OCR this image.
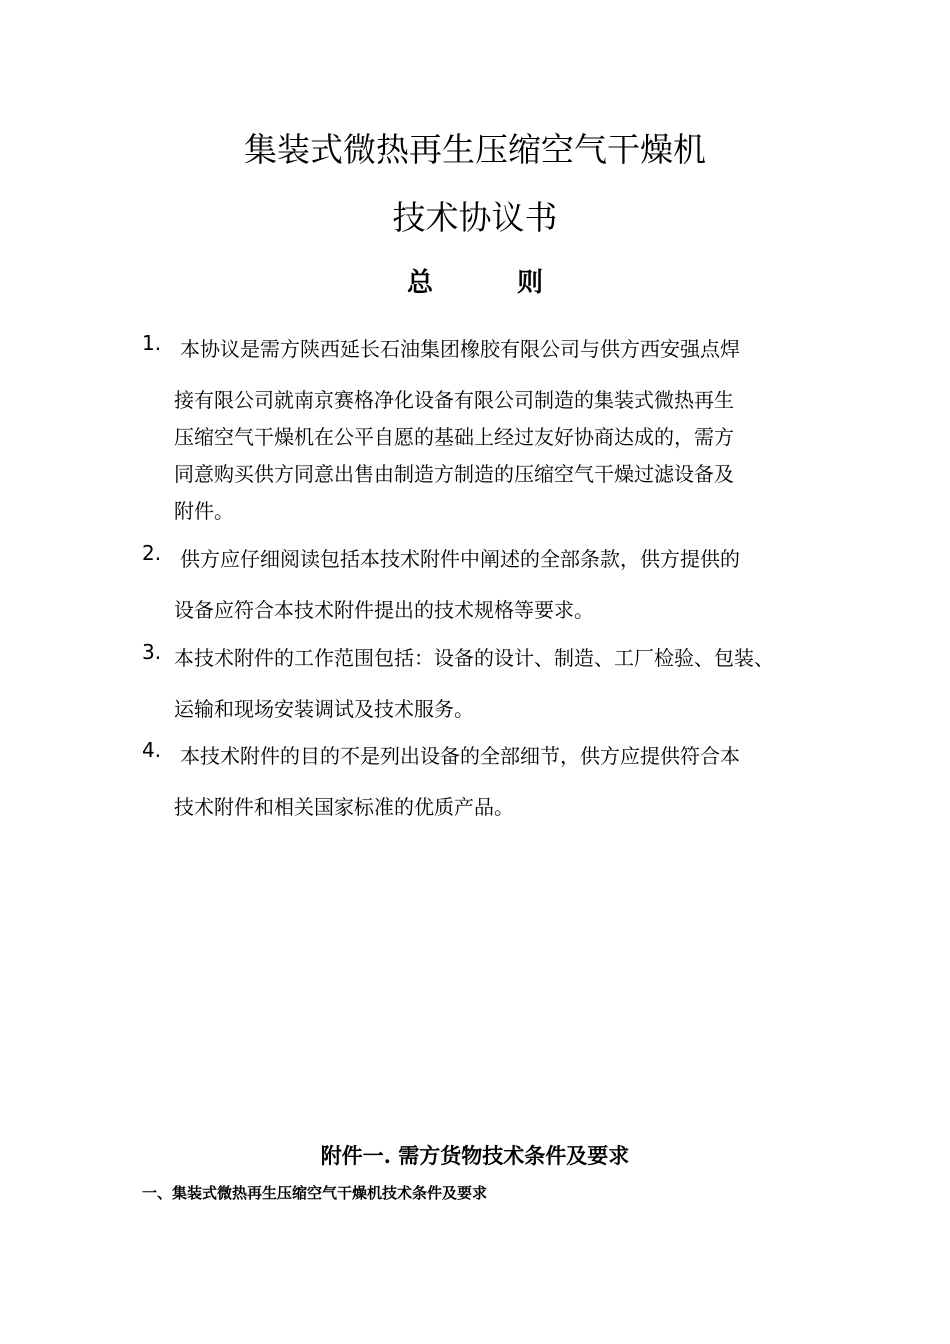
集装式微热再生压缩空气干燥机
技术协议书
总	则
1. 本协议是需方陕西延长石油集团橡胶有限公司与供方西安强点焊
接有限公司就南京赛格净化设备有限公司制造的集装式微热再生
压缩空气干燥机在公平自愿的基础上经过友好协商达成的，需方
同意购买供方同意出售由制造方制造的压缩空气干燥过滤设备及
附件。
2. 供方应仔细阅读包括本技术附件中阐述的全部条款，供方提供的
设备应符合本技术附件提出的技术规格等要求。
3. 本技术附件的工作范围包括：设备的设计、制造、工厂检验、包装、
运输和现场安装调试及技术服务。
4. 本技术附件的目的不是列出设备的全部细节，供方应提供符合本
技术附件和相关国家标准的优质产品。
附件一. 需方货物技术条件及要求
一、集装式微热再生压缩空气干燥机技术条件及要求
